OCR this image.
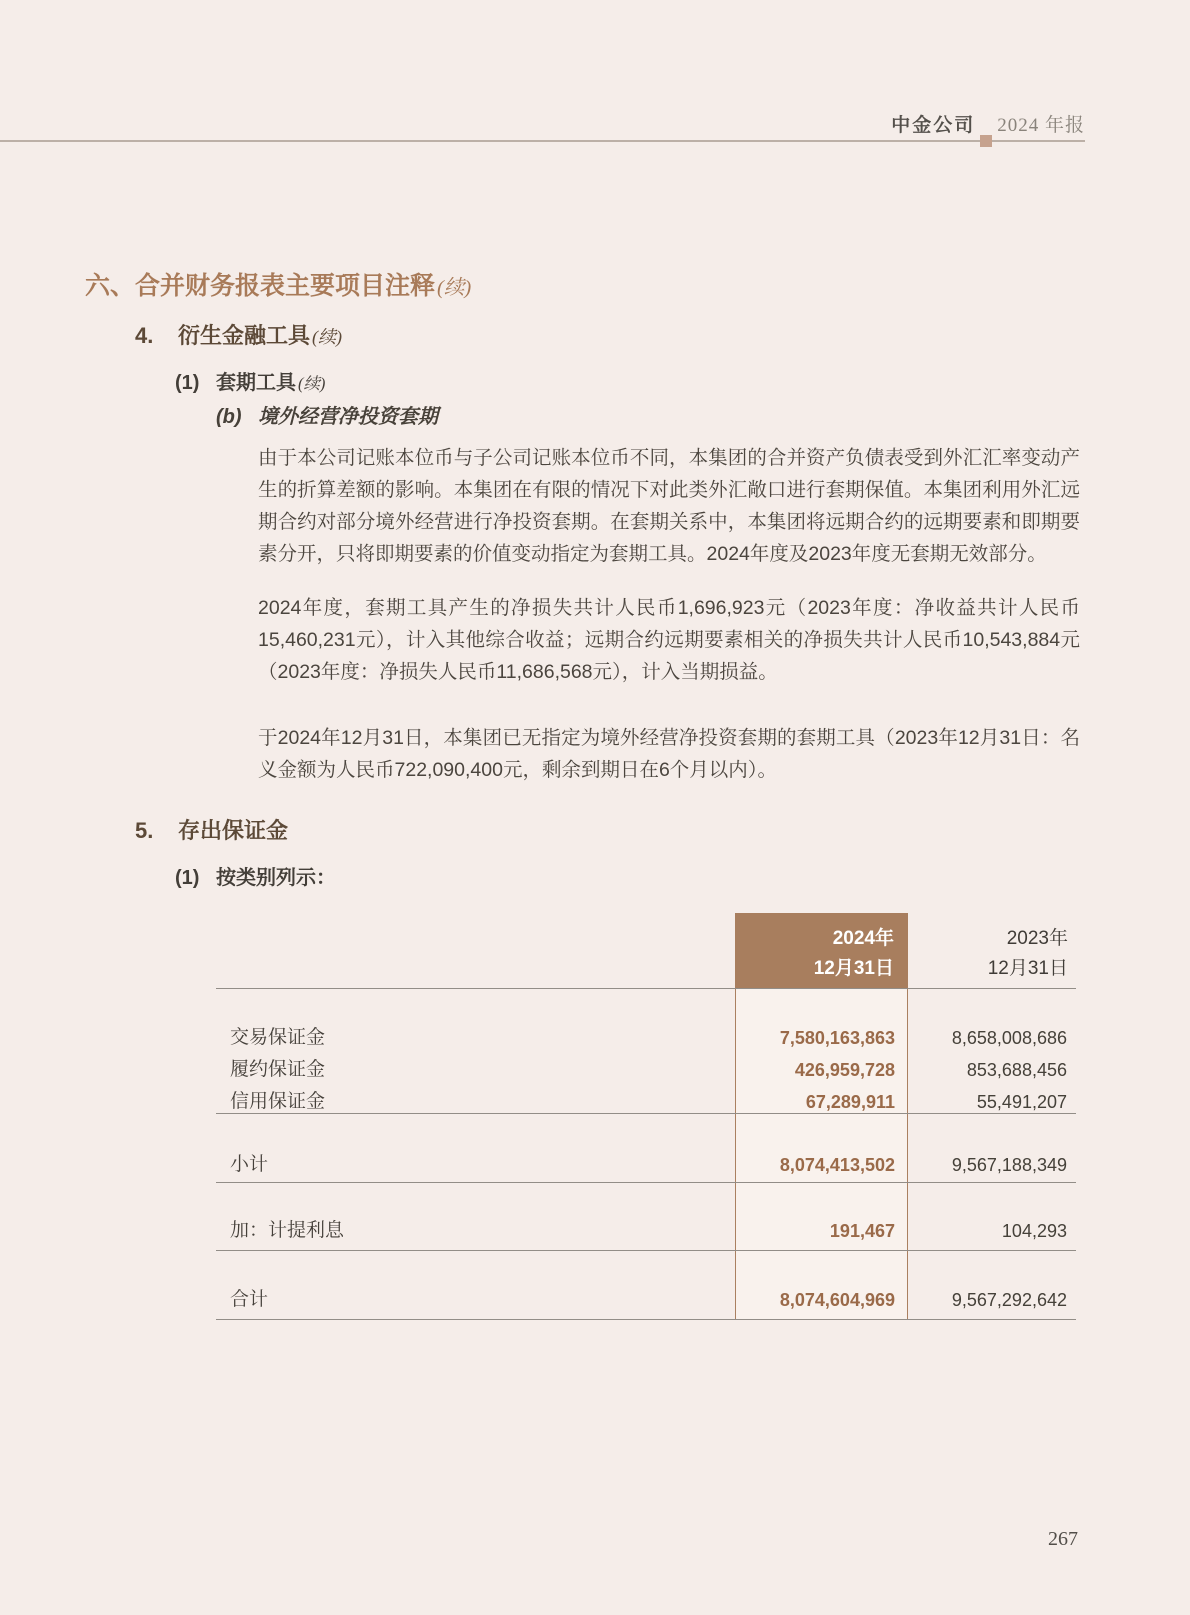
中金公司 2024 年报
六、合并财务报表主要项目注释(续)
4. 衍生金融工具 (续)
(1) 套期工具 (续)
(b) 境外经营净投资套期
由于本公司记账本位币与子公司记账本位币不同，本集团的合并资产负债表受到外汇汇率变动产生的折算差额的影响。本集团在有限的情况下对此类外汇敞口进行套期保值。本集团利用外汇远期合约对部分境外经营进行净投资套期。在套期关系中，本集团将远期合约的远期要素和即期要素分开，只将即期要素的价值变动指定为套期工具。2024年度及2023年度无套期无效部分。
2024年度，套期工具产生的净损失共计人民币1,696,923元（2023年度：净收益共计人民币15,460,231元），计入其他综合收益；远期合约远期要素相关的净损失共计人民币10,543,884元（2023年度：净损失人民币11,686,568元），计入当期损益。
于2024年12月31日，本集团已无指定为境外经营净投资套期的套期工具（2023年12月31日：名义金额为人民币722,090,400元，剩余到期日在6个月以内）。
5. 存出保证金
(1) 按类别列示：
2024年
12月31日
2023年
12月31日
交易保证金	7,580,163,863	8,658,008,686
履约保证金	426,959,728	853,688,456
信用保证金	67,289,911	55,491,207
小计	8,074,413,502	9,567,188,349
加：计提利息	191,467	104,293
合计	8,074,604,969	9,567,292,642
267
